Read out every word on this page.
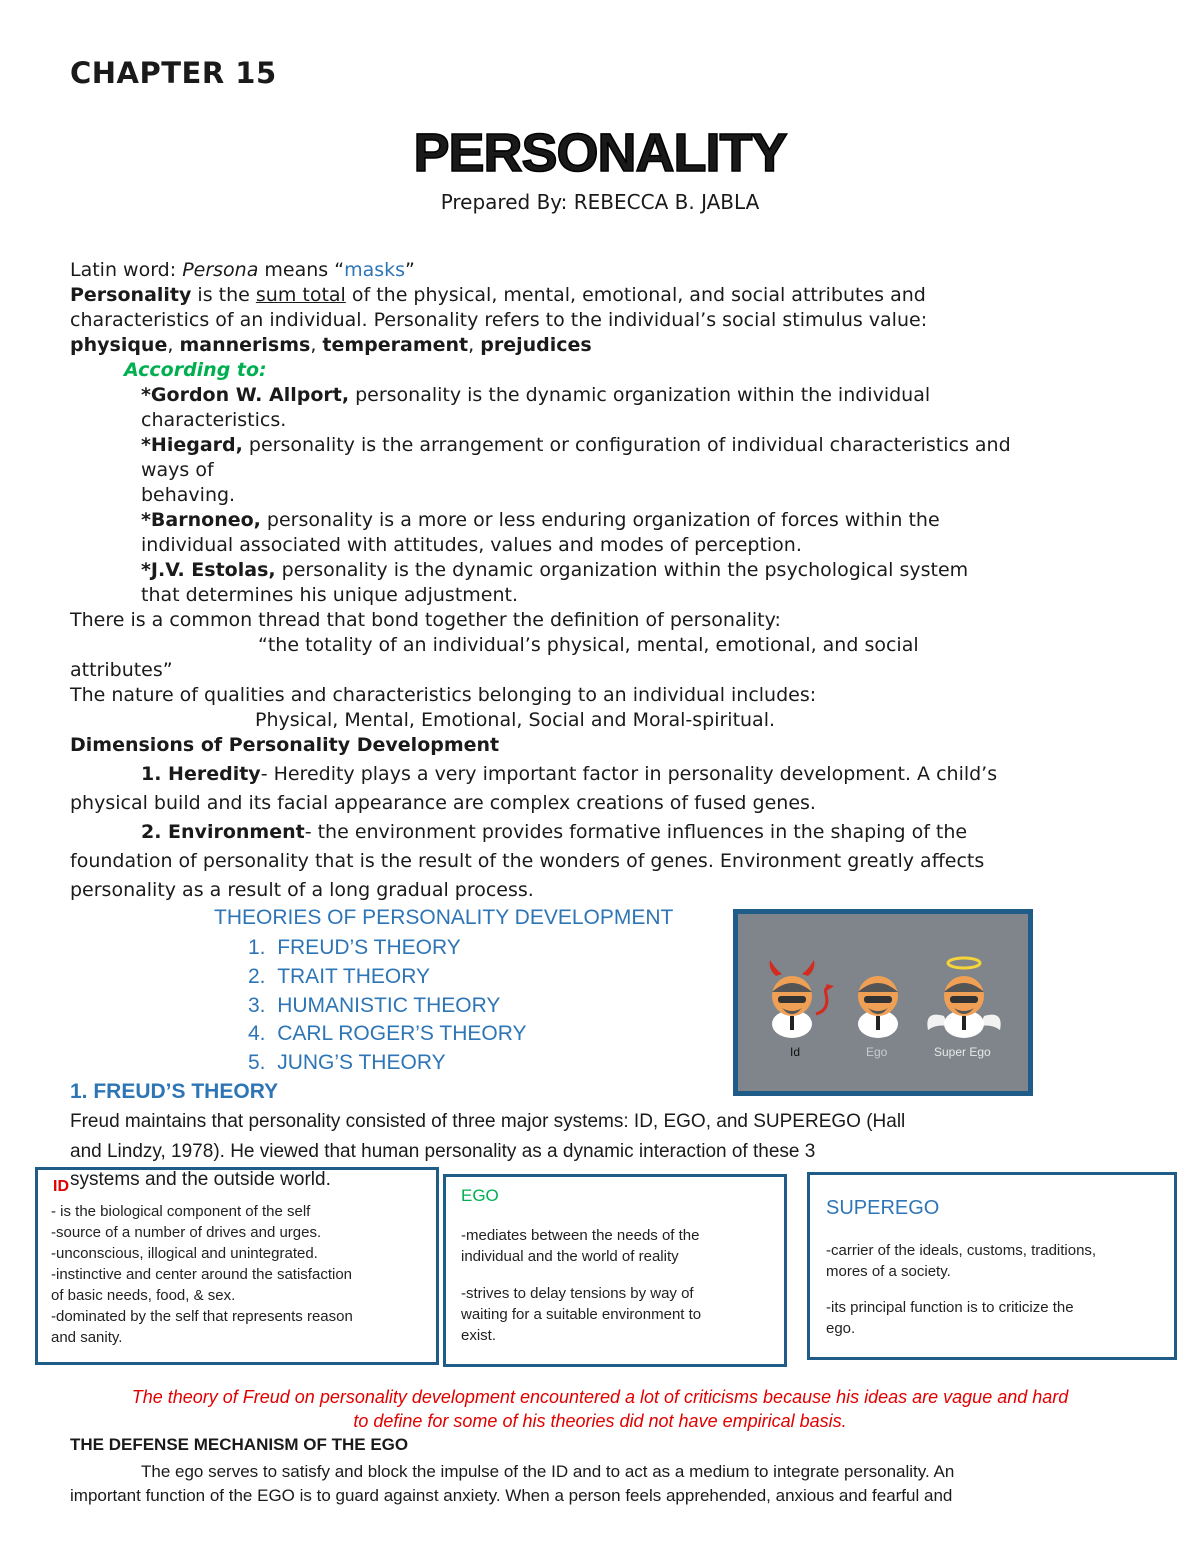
CHAPTER 15
PERSONALITY
Prepared By: REBECCA B. JABLA
Latin word: Persona means “masks”
Personality is the sum total of the physical, mental, emotional, and social attributes and
characteristics of an individual. Personality refers to the individual’s social stimulus value:
physique, mannerisms, temperament, prejudices
According to:
*Gordon W. Allport, personality is the dynamic organization within the individual
characteristics.
*Hiegard, personality is the arrangement or configuration of individual characteristics and
ways of
behaving.
*Barnoneo, personality is a more or less enduring organization of forces within the
individual associated with attitudes, values and modes of perception.
*J.V. Estolas, personality is the dynamic organization within the psychological system
that determines his unique adjustment.
There is a common thread that bond together the definition of personality:
“the totality of an individual’s physical, mental, emotional, and social
attributes”
The nature of qualities and characteristics belonging to an individual includes:
Physical, Mental, Emotional, Social and Moral-spiritual.
Dimensions of Personality Development
1. Heredity- Heredity plays a very important factor in personality development. A child’s
physical build and its facial appearance are complex creations of fused genes.
2. Environment- the environment provides formative influences in the shaping of the
foundation of personality that is the result of the wonders of genes. Environment greatly affects
personality as a result of a long gradual process.
THEORIES OF PERSONALITY DEVELOPMENT
1. FREUD’S THEORY
2. TRAIT THEORY
3. HUMANISTIC THEORY
4. CARL ROGER’S THEORY
5. JUNG’S THEORY	Id	Ego	Super Ego
1. FREUD’S THEORY
Freud maintains that personality consisted of three major systems: ID, EGO, and SUPEREGO (Hall
and Lindzy, 1978). He viewed that human personality as a dynamic interaction of these 3
systems and the outside world.
ID
- is the biological component of the self
-source of a number of drives and urges.
-unconscious, illogical and unintegrated.
-instinctive and center around the satisfaction
of basic needs, food, & sex.
-dominated by the self that represents reason
and sanity.
EGO
-mediates between the needs of the
individual and the world of reality
-strives to delay tensions by way of
waiting for a suitable environment to
exist.
SUPEREGO
-carrier of the ideals, customs, traditions,
mores of a society.
-its principal function is to criticize the
ego.
The theory of Freud on personality development encountered a lot of criticisms because his ideas are vague and hard
to define for some of his theories did not have empirical basis.
THE DEFENSE MECHANISM OF THE EGO
The ego serves to satisfy and block the impulse of the ID and to act as a medium to integrate personality. An
important function of the EGO is to guard against anxiety. When a person feels apprehended, anxious and fearful and
